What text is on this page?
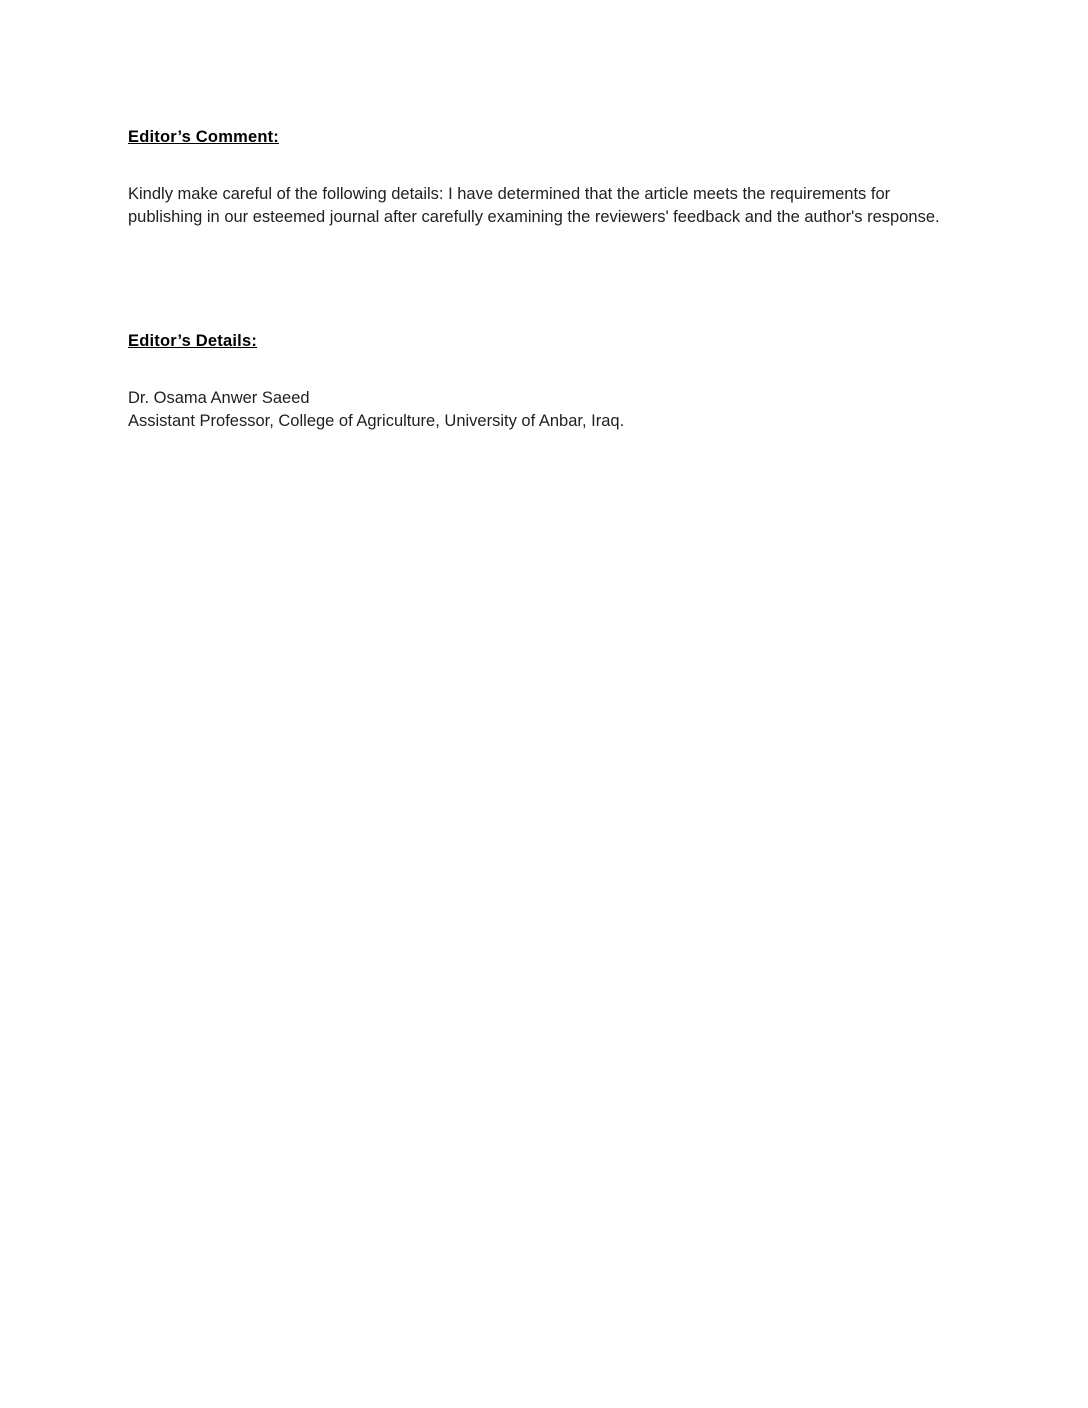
Editor’s Comment:
Kindly make careful of the following details: I have determined that the article meets the requirements for publishing in our esteemed journal after carefully examining the reviewers' feedback and the author's response.
Editor’s Details:
Dr. Osama Anwer Saeed
Assistant Professor, College of Agriculture, University of Anbar, Iraq.
